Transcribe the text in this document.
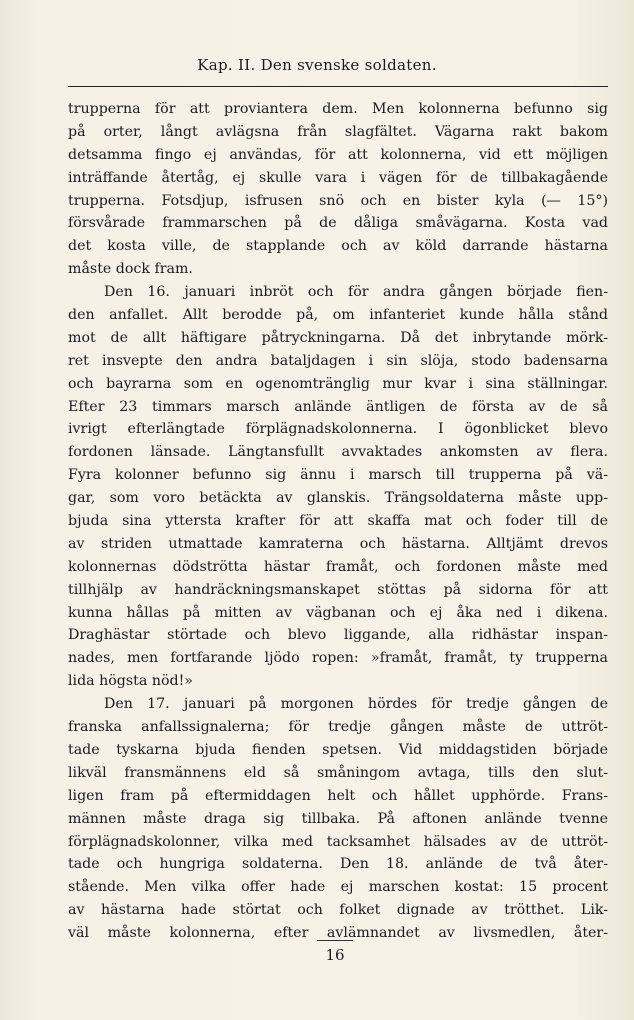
Kap. II. Den svenske soldaten.
trupperna för att proviantera dem. Men kolonnerna befunno sig
på orter, långt avlägsna från slagfältet. Vägarna rakt bakom
detsamma fingo ej användas, för att kolonnerna, vid ett möjligen
inträffande återtåg, ej skulle vara i vägen för de tillbakagående
trupperna. Fotsdjup, isfrusen snö och en bister kyla (— 15°)
försvårade frammarschen på de dåliga småvägarna. Kosta vad
det kosta ville, de stapplande och av köld darrande hästarna
måste dock fram.
Den 16. januari inbröt och för andra gången började fien-
den anfallet. Allt berodde på, om infanteriet kunde hålla stånd
mot de allt häftigare påtryckningarna. Då det inbrytande mörk-
ret insvepte den andra bataljdagen i sin slöja, stodo badensarna
och bayrarna som en ogenomtränglig mur kvar i sina ställningar.
Efter 23 timmars marsch anlände äntligen de första av de så
ivrigt efterlängtade förplägnadskolonnerna. I ögonblicket blevo
fordonen länsade. Längtansfullt avvaktades ankomsten av flera.
Fyra kolonner befunno sig ännu i marsch till trupperna på vä-
gar, som voro betäckta av glanskis. Trängsoldaterna måste upp-
bjuda sina yttersta krafter för att skaffa mat och foder till de
av striden utmattade kamraterna och hästarna. Alltjämt drevos
kolonnernas dödströtta hästar framåt, och fordonen måste med
tillhjälp av handräckningsmanskapet stöttas på sidorna för att
kunna hållas på mitten av vägbanan och ej åka ned i dikena.
Draghästar störtade och blevo liggande, alla ridhästar inspan-
nades, men fortfarande ljödo ropen: »framåt, framåt, ty trupperna
lida högsta nöd!»
Den 17. januari på morgonen hördes för tredje gången de
franska anfallssignalerna; för tredje gången måste de uttröt-
tade tyskarna bjuda fienden spetsen. Vid middagstiden började
likväl fransmännens eld så småningom avtaga, tills den slut-
ligen fram på eftermiddagen helt och hållet upphörde. Frans-
männen måste draga sig tillbaka. På aftonen anlände tvenne
förplägnadskolonner, vilka med tacksamhet hälsades av de uttröt-
tade och hungriga soldaterna. Den 18. anlände de två åter-
stående. Men vilka offer hade ej marschen kostat: 15 procent
av hästarna hade störtat och folket dignade av trötthet. Lik-
väl måste kolonnerna, efter avlämnandet av livsmedlen, åter-
16
